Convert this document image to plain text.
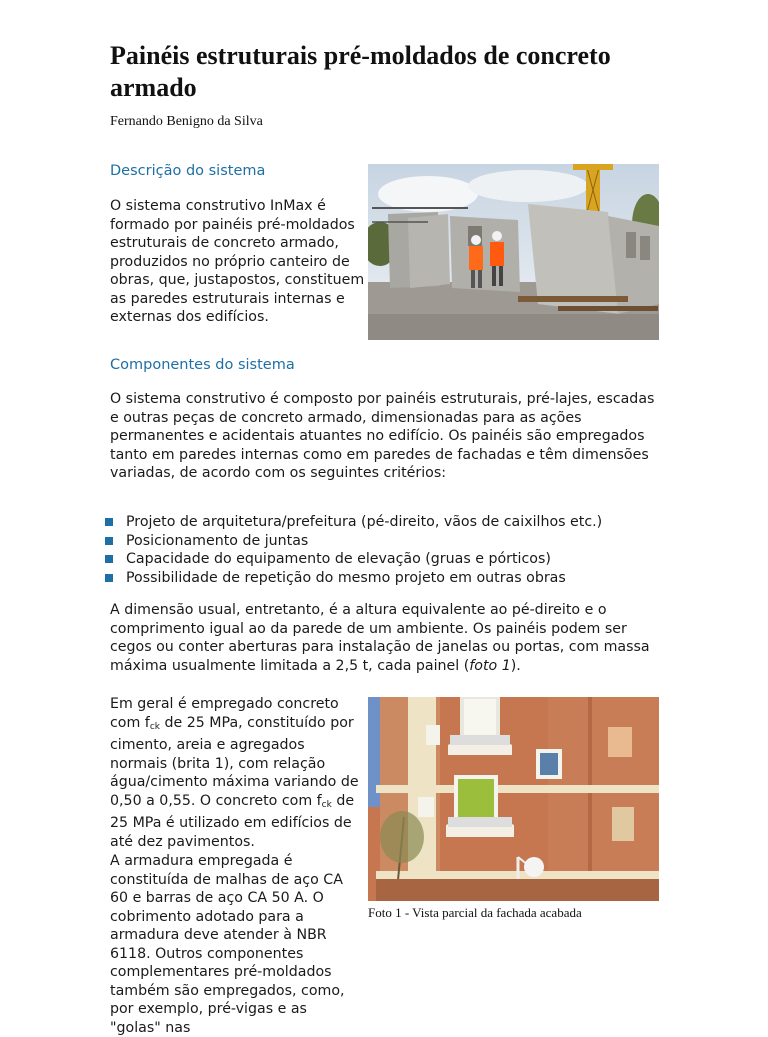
Painéis estruturais pré-moldados de concreto armado
Fernando Benigno da Silva
Descrição do sistema

O sistema construtivo InMax é formado por painéis pré-moldados estruturais de concreto armado, produzidos no próprio canteiro de obras, que, justapostos, constituem as paredes estruturais internas e externas dos edifícios.

Componentes do sistema

O sistema construtivo é composto por painéis estruturais, pré-lajes, escadas e outras peças de concreto armado, dimensionadas para as ações permanentes e acidentais atuantes no edifício. Os painéis são empregados tanto em paredes internas como em paredes de fachadas e têm dimensões variadas, de acordo com os seguintes critérios:

Projeto de arquitetura/prefeitura (pé-direito, vãos de caixilhos etc.)
Posicionamento de juntas
Capacidade do equipamento de elevação (gruas e pórticos)
Possibilidade de repetição do mesmo projeto em outras obras

A dimensão usual, entretanto, é a altura equivalente ao pé-direito e o comprimento igual ao da parede de um ambiente. Os painéis podem ser cegos ou conter aberturas para instalação de janelas ou portas, com massa máxima usualmente limitada a 2,5 t, cada painel (foto 1).

Em geral é empregado concreto com $f_{ck}$ de 25 MPa, constituído por cimento, areia e agregados normais (brita 1), com relação água/cimento máxima variando de 0,50 a 0,55. O concreto com $f_{ck}$ de 25 MPa é utilizado em edifícios de até dez pavimentos.

A armadura empregada é constituída de malhas de aço CA 60 e barras de aço CA 50 A. O cobrimento adotado para a armadura deve atender à NBR 6118. Outros componentes complementares pré-moldados também são empregados, como, por exemplo, pré-vigas e as "golas" nas

Foto 1 - Vista parcial da fachada acabada
